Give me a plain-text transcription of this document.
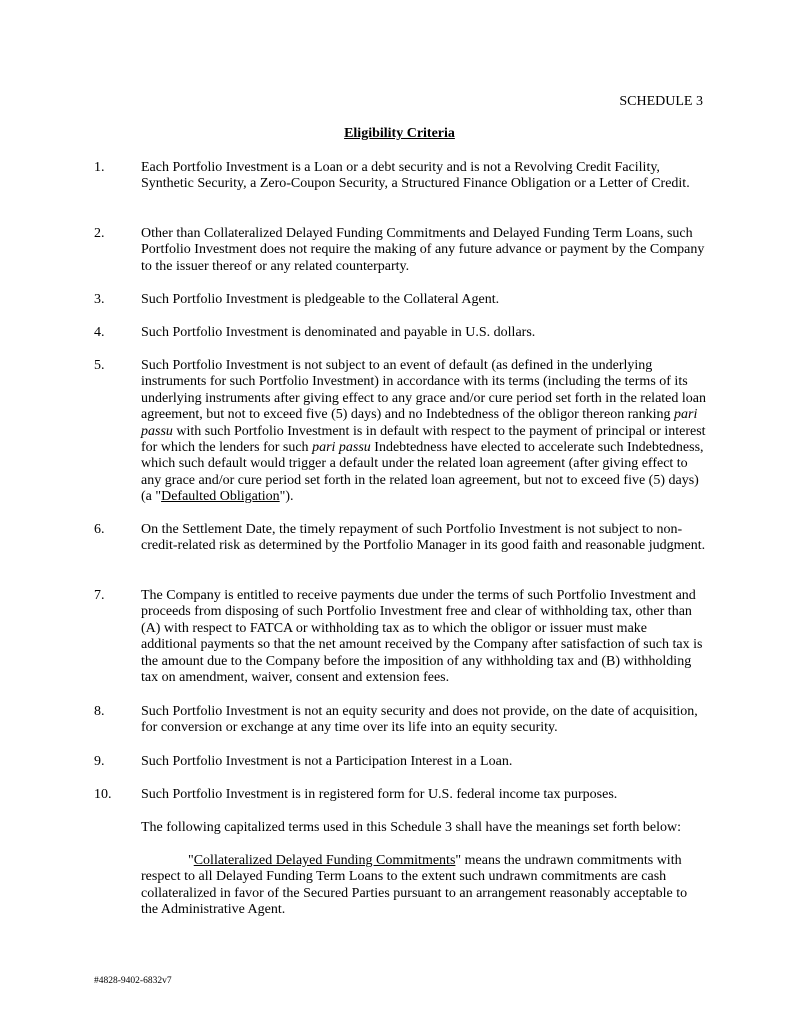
SCHEDULE 3
Eligibility Criteria
1.	Each Portfolio Investment is a Loan or a debt security and is not a Revolving Credit Facility, Synthetic Security, a Zero-Coupon Security, a Structured Finance Obligation or a Letter of Credit.
2.	Other than Collateralized Delayed Funding Commitments and Delayed Funding Term Loans, such Portfolio Investment does not require the making of any future advance or payment by the Company to the issuer thereof or any related counterparty.
3.	Such Portfolio Investment is pledgeable to the Collateral Agent.
4.	Such Portfolio Investment is denominated and payable in U.S. dollars.
5.	Such Portfolio Investment is not subject to an event of default (as defined in the underlying instruments for such Portfolio Investment) in accordance with its terms (including the terms of its underlying instruments after giving effect to any grace and/or cure period set forth in the related loan agreement, but not to exceed five (5) days) and no Indebtedness of the obligor thereon ranking pari passu with such Portfolio Investment is in default with respect to the payment of principal or interest for which the lenders for such pari passu Indebtedness have elected to accelerate such Indebtedness, which such default would trigger a default under the related loan agreement (after giving effect to any grace and/or cure period set forth in the related loan agreement, but not to exceed five (5) days) (a "Defaulted Obligation").
6.	On the Settlement Date, the timely repayment of such Portfolio Investment is not subject to non-credit-related risk as determined by the Portfolio Manager in its good faith and reasonable judgment.
7.	The Company is entitled to receive payments due under the terms of such Portfolio Investment and proceeds from disposing of such Portfolio Investment free and clear of withholding tax, other than (A) with respect to FATCA or withholding tax as to which the obligor or issuer must make additional payments so that the net amount received by the Company after satisfaction of such tax is the amount due to the Company before the imposition of any withholding tax and (B) withholding tax on amendment, waiver, consent and extension fees.
8.	Such Portfolio Investment is not an equity security and does not provide, on the date of acquisition, for conversion or exchange at any time over its life into an equity security.
9.	Such Portfolio Investment is not a Participation Interest in a Loan.
10. Such Portfolio Investment is in registered form for U.S. federal income tax purposes.
The following capitalized terms used in this Schedule 3 shall have the meanings set forth below:
"Collateralized Delayed Funding Commitments" means the undrawn commitments with respect to all Delayed Funding Term Loans to the extent such undrawn commitments are cash collateralized in favor of the Secured Parties pursuant to an arrangement reasonably acceptable to the Administrative Agent.
#4828-9402-6832v7
